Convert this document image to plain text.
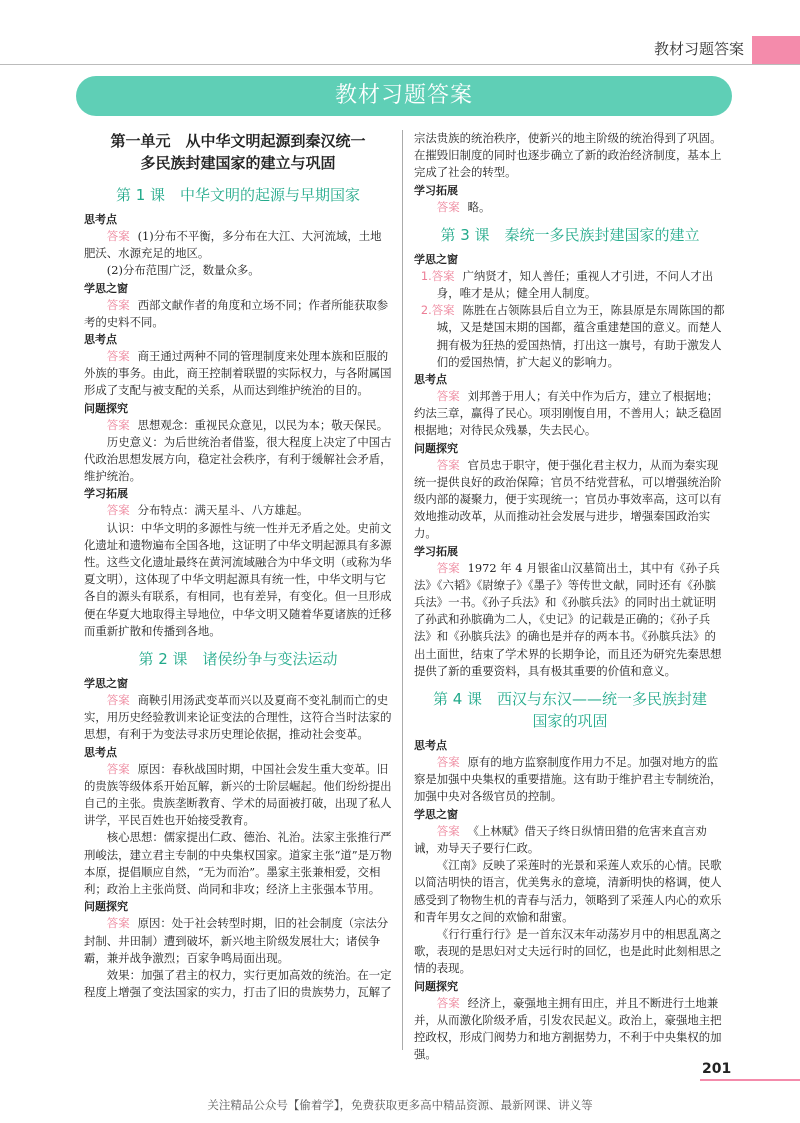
教材习题答案
教材习题答案
第一单元　从中华文明起源到秦汉统一
多民族封建国家的建立与巩固
第 1 课　中华文明的起源与早期国家
思考点

答案 (1)分布不平衡，多分布在大江、大河流域，土地肥沃、水源充足的地区。

(2)分布范围广泛，数量众多。

学思之窗

答案 西部文献作者的角度和立场不同；作者所能获取参考的史料不同。

思考点

答案 商王通过两种不同的管理制度来处理本族和臣服的外族的事务。由此，商王控制着联盟的实际权力，与各附属国形成了支配与被支配的关系，从而达到维护统治的目的。

问题探究

答案 思想观念：重视民众意见，以民为本；敬天保民。

历史意义：为后世统治者借鉴，很大程度上决定了中国古代政治思想发展方向，稳定社会秩序，有利于缓解社会矛盾，维护统治。

学习拓展

答案 分布特点：满天星斗、八方雄起。

认识：中华文明的多源性与统一性并无矛盾之处。史前文化遗址和遗物遍布全国各地，这证明了中华文明起源具有多源性。这些文化遗址最终在黄河流域融合为中华文明（或称为华夏文明），这体现了中华文明起源具有统一性，中华文明与它各自的源头有联系，有相同，也有差异，有变化。但一旦形成便在华夏大地取得主导地位，中华文明又随着华夏诸族的迁移而重新扩散和传播到各地。

第 2 课　诸侯纷争与变法运动
学思之窗

答案 商鞅引用汤武变革而兴以及夏商不变礼制而亡的史实，用历史经验教训来论证变法的合理性，这符合当时法家的思想，有利于为变法寻求历史理论依据，推动社会变革。

思考点

答案 原因：春秋战国时期，中国社会发生重大变革。旧的贵族等级体系开始瓦解，新兴的士阶层崛起。他们纷纷提出自己的主张。贵族垄断教育、学术的局面被打破，出现了私人讲学，平民百姓也开始接受教育。

核心思想：儒家提出仁政、德治、礼治。法家主张推行严刑峻法，建立君主专制的中央集权国家。道家主张“道”是万物本原，提倡顺应自然，“无为而治”。墨家主张兼相爱，交相利；政治上主张尚贤、尚同和非攻；经济上主张强本节用。

问题探究

答案 原因：处于社会转型时期，旧的社会制度（宗法分封制、井田制）遭到破坏，新兴地主阶级发展壮大；诸侯争霸，兼并战争激烈；百家争鸣局面出现。

效果：加强了君主的权力，实行更加高效的统治。在一定程度上增强了变法国家的实力，打击了旧的贵族势力，瓦解了

宗法贵族的统治秩序，使新兴的地主阶级的统治得到了巩固。在摧毁旧制度的同时也逐步确立了新的政治经济制度，基本上完成了社会的转型。

学习拓展

答案 略。

第 3 课　秦统一多民族封建国家的建立
学思之窗

1.答案 广纳贤才，知人善任；重视人才引进，不问人才出身，唯才是从；健全用人制度。

2.答案 陈胜在占领陈县后自立为王，陈县原是东周陈国的都城，又是楚国末期的国都，蕴含重建楚国的意义。而楚人拥有极为狂热的爱国热情，打出这一旗号，有助于激发人们的爱国热情，扩大起义的影响力。

思考点

答案 刘邦善于用人；有关中作为后方，建立了根据地；约法三章，赢得了民心。项羽刚愎自用，不善用人；缺乏稳固根据地；对待民众残暴，失去民心。

问题探究

答案 官员忠于职守，便于强化君主权力，从而为秦实现统一提供良好的政治保障；官员不结党营私，可以增强统治阶级内部的凝聚力，便于实现统一；官员办事效率高，这可以有效地推动改革，从而推动社会发展与进步，增强秦国政治实力。

学习拓展

答案 1972 年 4 月银雀山汉墓简出土，其中有《孙子兵法》《六韬》《尉缭子》《墨子》等传世文献，同时还有《孙膑兵法》一书。《孙子兵法》和《孙膑兵法》的同时出土就证明了孙武和孙膑确为二人，《史记》的记载是正确的；《孙子兵法》和《孙膑兵法》的确也是并存的两本书。《孙膑兵法》的出土面世，结束了学术界的长期争论，而且还为研究先秦思想提供了新的重要资料，具有极其重要的价值和意义。

第 4 课　西汉与东汉——统一多民族封建
国家的巩固
思考点

答案 原有的地方监察制度作用力不足。加强对地方的监察是加强中央集权的重要措施。这有助于维护君主专制统治，加强中央对各级官员的控制。

学思之窗

答案 《上林赋》借天子终日纵情田猎的危害来直言劝诫，劝导天子要行仁政。

《江南》反映了采莲时的光景和采莲人欢乐的心情。民歌以简洁明快的语言，优美隽永的意境，清新明快的格调，使人感受到了物物生机的青春与活力，领略到了采莲人内心的欢乐和青年男女之间的欢愉和甜蜜。

《行行重行行》是一首东汉末年动荡岁月中的相思乱离之歌，表现的是思妇对丈夫远行时的回忆，也是此时此刻相思之情的表现。

问题探究

答案 经济上，豪强地主拥有田庄，并且不断进行土地兼并，从而激化阶级矛盾，引发农民起义。政治上，豪强地主把控政权，形成门阀势力和地方割据势力，不利于中央集权的加强。

201
关注精品公众号【偷着学】，免费获取更多高中精品资源、最新网课、讲义等
